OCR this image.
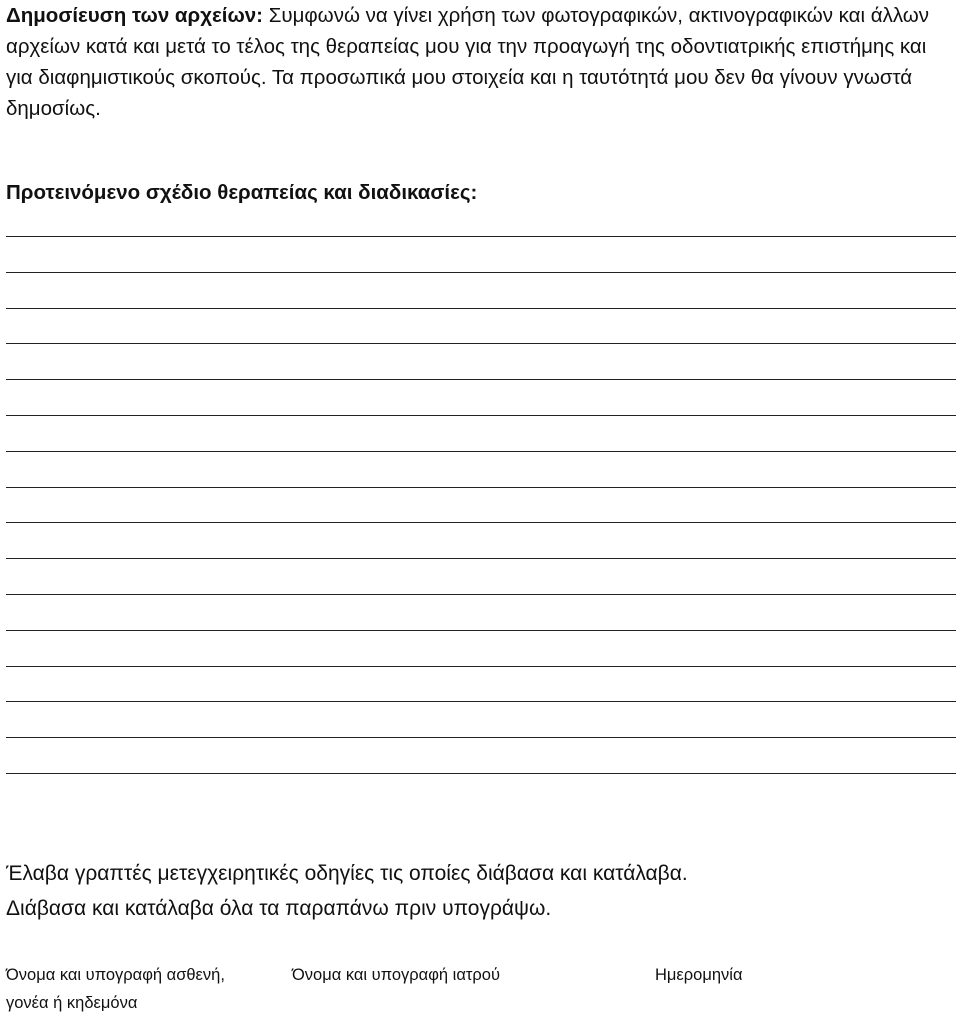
Δημοσίευση των αρχείων: Συμφωνώ να γίνει χρήση των φωτογραφικών, ακτινογραφικών και άλλων αρχείων κατά και μετά το τέλος της θεραπείας μου για την προαγωγή της οδοντιατρικής επιστήμης και για διαφημιστικούς σκοπούς. Τα προσωπικά μου στοιχεία και η ταυτότητά μου δεν θα γίνουν γνωστά δημοσίως.
Προτεινόμενο σχέδιο θεραπείας και διαδικασίες:
Έλαβα γραπτές μετεγχειρητικές οδηγίες τις οποίες διάβασα και κατάλαβα.
Διάβασα και κατάλαβα όλα τα παραπάνω πριν υπογράψω.
Όνομα και υπογραφή ασθενή, γονέα ή κηδεμόνα
Όνομα και υπογραφή ιατρού	Ημερομηνία
